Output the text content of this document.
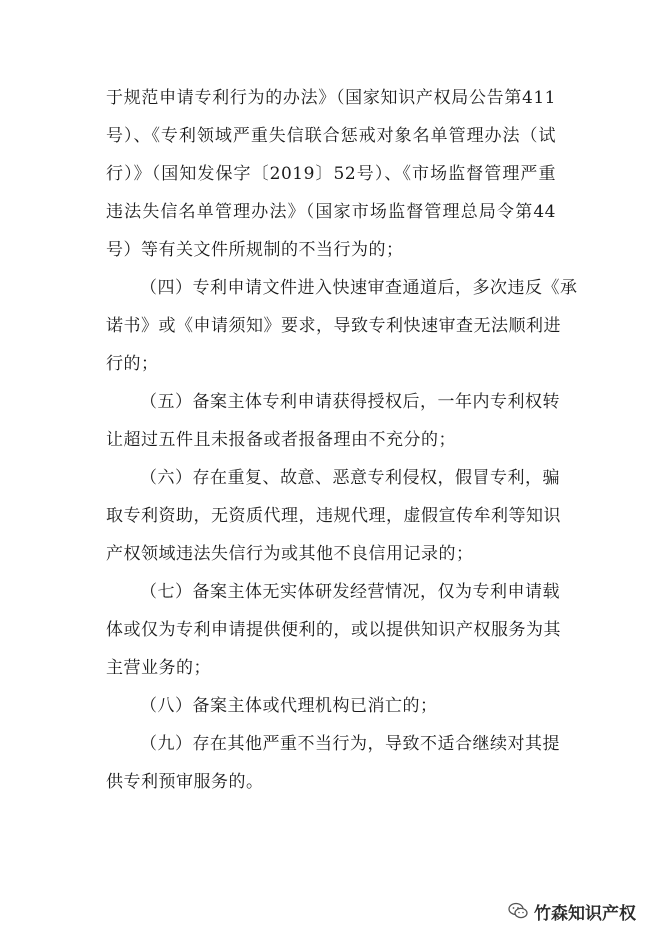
于规范申请专利行为的办法》（国家知识产权局公告第411
号）、《专利领域严重失信联合惩戒对象名单管理办法（试
行）》（国知发保字〔2019〕52号）、《市场监督管理严重
违法失信名单管理办法》（国家市场监督管理总局令第44
号）等有关文件所规制的不当行为的；
（四）专利申请文件进入快速审查通道后，多次违反《承
诺书》或《申请须知》要求，导致专利快速审查无法顺利进
行的；
（五）备案主体专利申请获得授权后，一年内专利权转
让超过五件且未报备或者报备理由不充分的；
（六）存在重复、故意、恶意专利侵权，假冒专利，骗
取专利资助，无资质代理，违规代理，虚假宣传牟利等知识
产权领域违法失信行为或其他不良信用记录的；
（七）备案主体无实体研发经营情况，仅为专利申请载
体或仅为专利申请提供便利的，或以提供知识产权服务为其
主营业务的；
（八）备案主体或代理机构已消亡的；
（九）存在其他严重不当行为，导致不适合继续对其提
供专利预审服务的。
竹森知识产权
